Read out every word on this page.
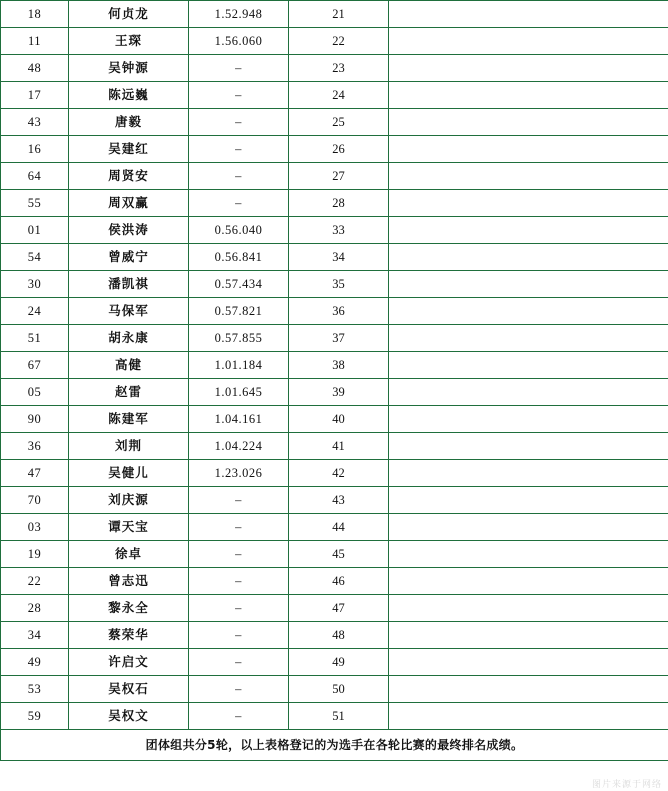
18	何贞龙	1.52.948	21	
11	王琛	1.56.060	22	
48	吴钟源	–	23	
17	陈远巍	–	24	
43	唐毅	–	25	
16	吴建红	–	26	
64	周贤安	–	27	
55	周双赢	–	28	
01	侯洪涛	0.56.040	33	
54	曾威宁	0.56.841	34	
30	潘凯祺	0.57.434	35	
24	马保军	0.57.821	36	
51	胡永康	0.57.855	37	
67	高健	1.01.184	38	
05	赵雷	1.01.645	39	
90	陈建军	1.04.161	40	
36	刘荆	1.04.224	41	
47	吴健儿	1.23.026	42	
70	刘庆源	–	43	
03	谭天宝	–	44	
19	徐卓	–	45	
22	曾志迅	–	46	
28	黎永全	–	47	
34	蔡荣华	–	48	
49	许启文	–	49	
53	吴权石	–	50	
59	吴权文	–	51	
团体组共分5轮，以上表格登记的为选手在各轮比赛的最终排名成绩。				
图片来源于网络
